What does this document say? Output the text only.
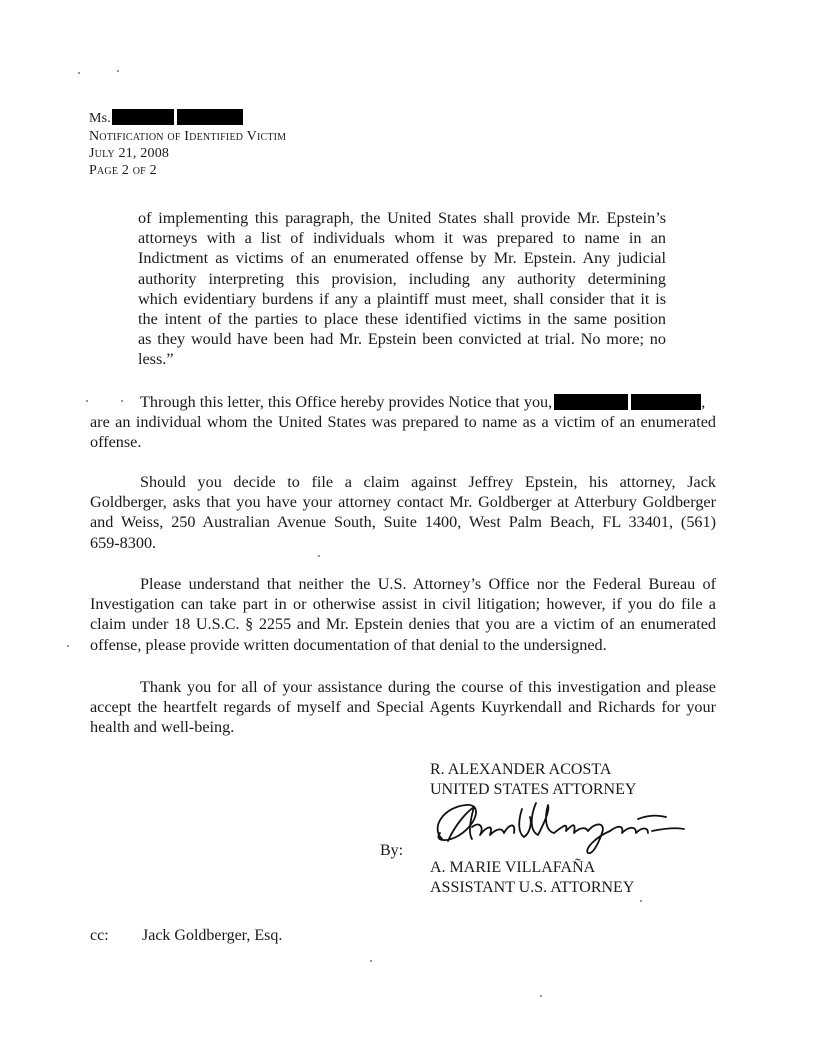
Ms.
Notification of Identified Victim
July 21, 2008
Page 2 of 2
of implementing this paragraph, the United States shall provide Mr. Epstein’s
attorneys with a list of individuals whom it was prepared to name in an
Indictment as victims of an enumerated offense by Mr. Epstein. Any judicial
authority interpreting this provision, including any authority determining
which evidentiary burdens if any a plaintiff must meet, shall consider that it is
the intent of the parties to place these identified victims in the same position
as they would have been had Mr. Epstein been convicted at trial. No more; no
less.”
Through this letter, this Office hereby provides Notice that you,	,
are an individual whom the United States was prepared to name as a victim of an enumerated
offense.
Should you decide to file a claim against Jeffrey Epstein, his attorney, Jack
Goldberger, asks that you have your attorney contact Mr. Goldberger at Atterbury Goldberger
and Weiss, 250 Australian Avenue South, Suite 1400, West Palm Beach, FL 33401, (561)
659-8300.
Please understand that neither the U.S. Attorney’s Office nor the Federal Bureau of
Investigation can take part in or otherwise assist in civil litigation; however, if you do file a
claim under 18 U.S.C. § 2255 and Mr. Epstein denies that you are a victim of an enumerated
offense, please provide written documentation of that denial to the undersigned.
Thank you for all of your assistance during the course of this investigation and please
accept the heartfelt regards of myself and Special Agents Kuyrkendall and Richards for your
health and well-being.
R. ALEXANDER ACOSTA
UNITED STATES ATTORNEY
By:
A. MARIE VILLAFAÑA
ASSISTANT U.S. ATTORNEY
cc: Jack Goldberger, Esq.
